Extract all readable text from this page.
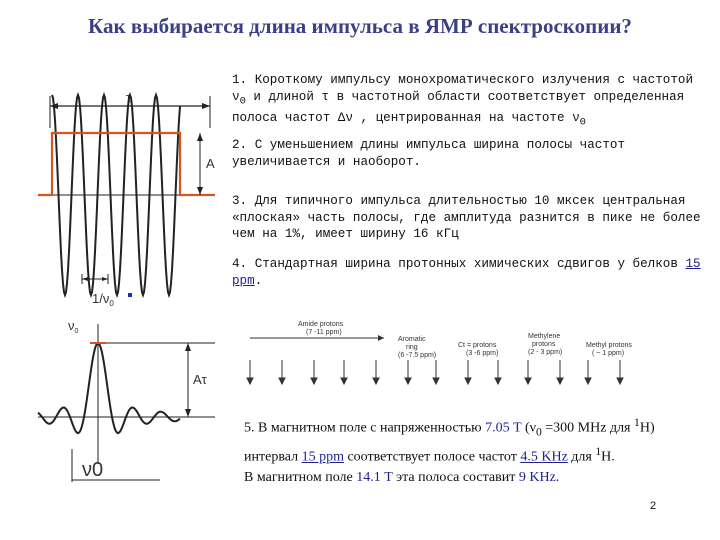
Как выбирается длина импульса в ЯМР спектроскопии?
1. Короткому импульсу монохроматического излучения с частотой $\nu_0$ и длиной τ в частотной области соответствует определенная полоса частот Δν , центрированная на частоте $\nu_0$
2. С уменьшением длины импульса ширина полосы частот увеличивается и наоборот.
3. Для типичного импульса длительностью 10 мксек центральная «плоская» часть полосы, где амплитуда разнится в пике не более чем на 1%, имеет ширину 16 кГц
4. Стандартная ширина протонных химических сдвигов у белков 15 ppm.
5. В магнитном поле с напряженностью 7.05 T ($\nu_0 =300$ MHz для $^1$H) интервал 15 ppm соответствует полосе частот 4.5 KHz для $^1$H.
В магнитном поле 14.1 T эта полоса составит 9 KHz.
2
τ
A
$1/\nu_0$
$\nu_0$
Aτ
ν0
Amide protons
(7 -11 ppm)
Aromatic
ring
(6 -7.5 ppm)
Ct = protons
(3 -6 ppm)
Methylene
protons
(2 - 3 ppm)
Methyl protons
( ~ 1 ppm)
